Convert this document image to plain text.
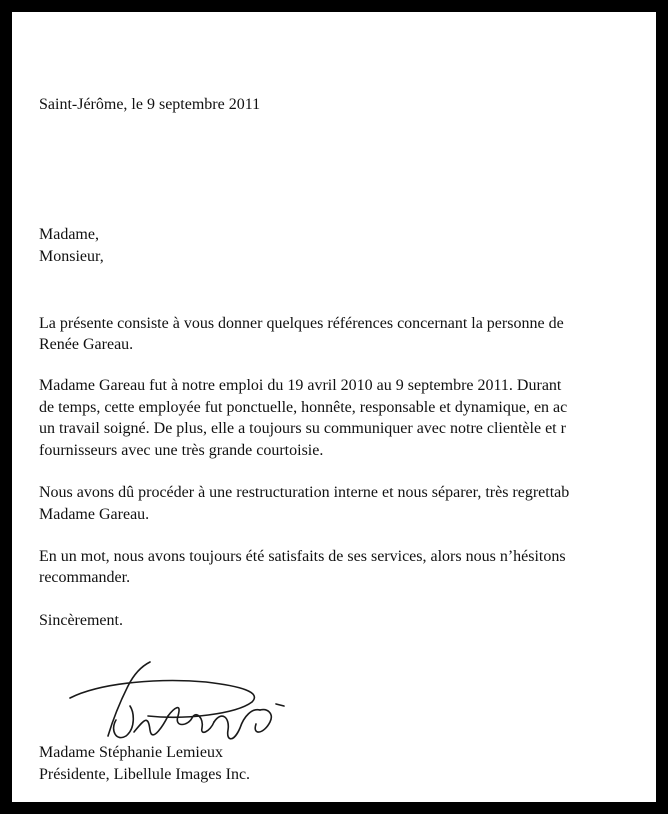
Saint-Jérôme, le 9 septembre 2011
Madame,
Monsieur,
La présente consiste à vous donner quelques références concernant la personne de
Renée Gareau.
Madame Gareau fut à notre emploi du 19 avril 2010 au 9 septembre 2011. Durant
de temps, cette employée fut ponctuelle, honnête, responsable et dynamique, en ac
un travail soigné. De plus, elle a toujours su communiquer avec notre clientèle et r
fournisseurs avec une très grande courtoisie.
Nous avons dû procéder à une restructuration interne et nous séparer, très regrettab
Madame Gareau.
En un mot, nous avons toujours été satisfaits de ses services, alors nous n’hésitons
recommander.
Sincèrement.
Madame Stéphanie Lemieux
Présidente, Libellule Images Inc.
